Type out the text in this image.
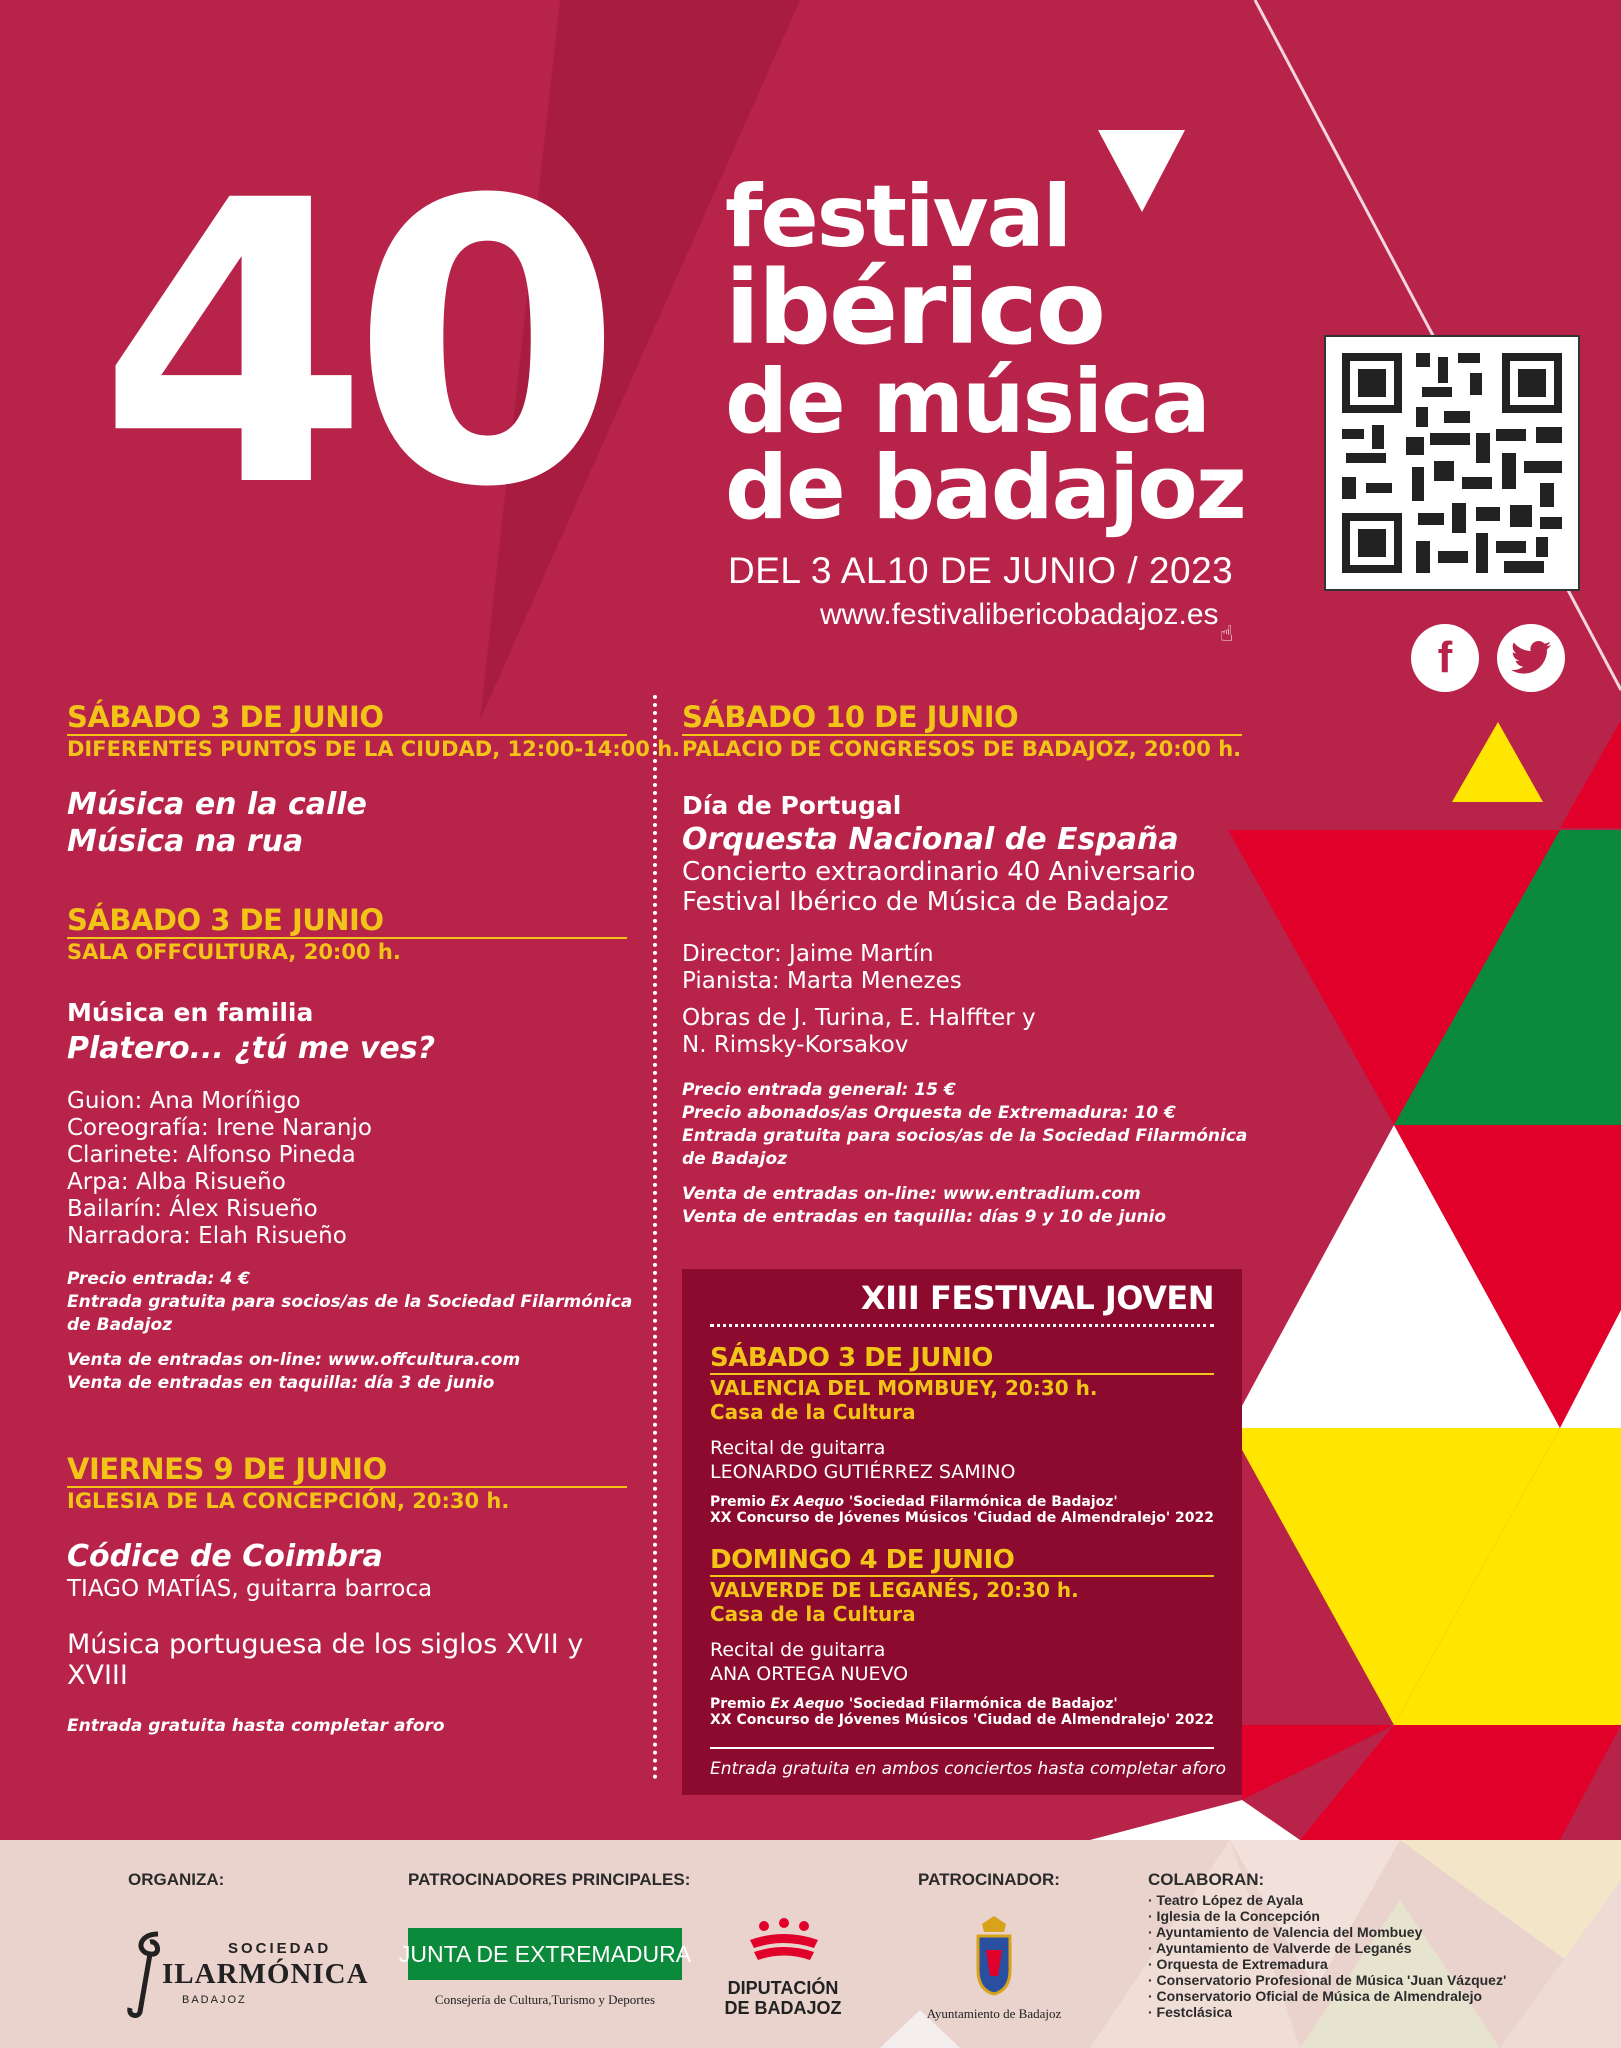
40 festival
ibérico
de música
de badajoz
DEL 3 AL10 DE JUNIO / 2023
www.festivalibericobadajoz.es
☝	f
SÁBADO 3 DE JUNIO
DIFERENTES PUNTOS DE LA CIUDAD, 12:00-14:00 h.
Música en la calle
Música na rua
SÁBADO 3 DE JUNIO
SALA OFFCULTURA, 20:00 h.
Música en familia
Platero... ¿tú me ves?
Guion: Ana Moríñigo
Coreografía: Irene Naranjo
Clarinete: Alfonso Pineda
Arpa: Alba Risueño
Bailarín: Álex Risueño
Narradora: Elah Risueño
Precio entrada: 4 €
Entrada gratuita para socios/as de la Sociedad Filarmónica
de Badajoz
Venta de entradas on-line: www.offcultura.com
Venta de entradas en taquilla: día 3 de junio
VIERNES 9 DE JUNIO
IGLESIA DE LA CONCEPCIÓN, 20:30 h.
Códice de Coimbra
TIAGO MATÍAS, guitarra barroca
Música portuguesa de los siglos XVII y
XVIII
Entrada gratuita hasta completar aforo
SÁBADO 10 DE JUNIO
PALACIO DE CONGRESOS DE BADAJOZ, 20:00 h.
Día de Portugal
Orquesta Nacional de España
Concierto extraordinario 40 Aniversario
Festival Ibérico de Música de Badajoz
Director: Jaime Martín
Pianista: Marta Menezes
Obras de J. Turina, E. Halffter y
N. Rimsky-Korsakov
Precio entrada general: 15 €
Precio abonados/as Orquesta de Extremadura: 10 €
Entrada gratuita para socios/as de la Sociedad Filarmónica
de Badajoz
Venta de entradas on-line: www.entradium.com
Venta de entradas en taquilla: días 9 y 10 de junio
XIII FESTIVAL JOVEN
SÁBADO 3 DE JUNIO
VALENCIA DEL MOMBUEY, 20:30 h.
Casa de la Cultura
Recital de guitarra
LEONARDO GUTIÉRREZ SAMINO
Premio Ex Aequo 'Sociedad Filarmónica de Badajoz'
XX Concurso de Jóvenes Músicos 'Ciudad de Almendralejo' 2022
DOMINGO 4 DE JUNIO
VALVERDE DE LEGANÉS, 20:30 h.
Casa de la Cultura
Recital de guitarra
ANA ORTEGA NUEVO
Premio Ex Aequo 'Sociedad Filarmónica de Badajoz'
XX Concurso de Jóvenes Músicos 'Ciudad de Almendralejo' 2022
Entrada gratuita en ambos conciertos hasta completar aforo
ORGANIZA:	PATROCINADORES PRINCIPALES:	PATROCINADOR:	COLABORAN:
SOCIEDAD
ILARMÓNICA
BADAJOZ
JUNTA DE EXTREMADURA
Consejería de Cultura,Turismo y Deportes
DIPUTACIÓN
DE BADAJOZ	Ayuntamiento de Badajoz
· Teatro López de Ayala
· Iglesia de la Concepción
· Ayuntamiento de Valencia del Mombuey
· Ayuntamiento de Valverde de Leganés
· Orquesta de Extremadura
· Conservatorio Profesional de Música 'Juan Vázquez'
· Conservatorio Oficial de Música de Almendralejo
· Festclásica
